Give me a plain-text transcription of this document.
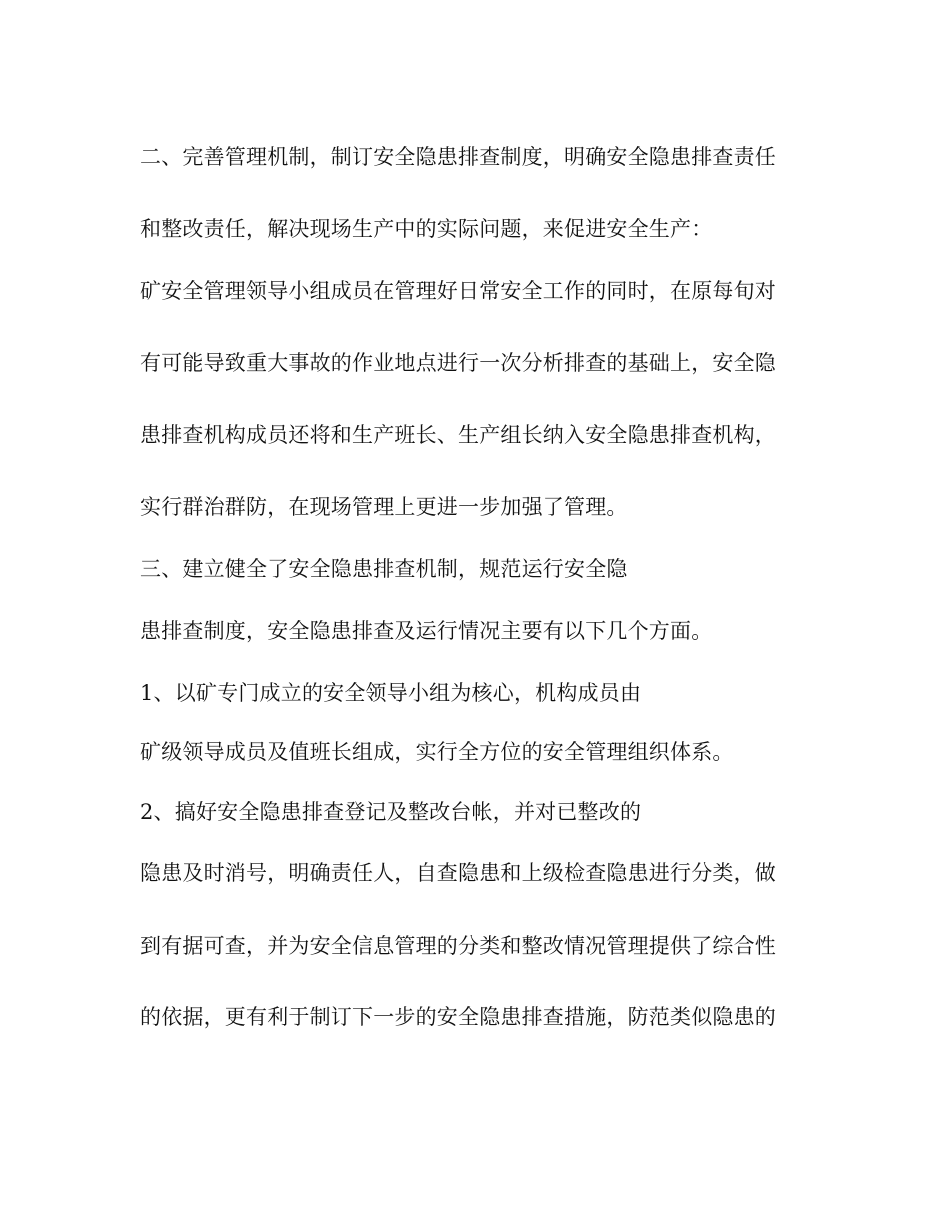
二、完善管理机制，制订安全隐患排查制度，明确安全隐患排查责任
和整改责任，解决现场生产中的实际问题，来促进安全生产：
矿安全管理领导小组成员在管理好日常安全工作的同时，在原每旬对
有可能导致重大事故的作业地点进行一次分析排查的基础上，安全隐
患排查机构成员还将和生产班长、生产组长纳入安全隐患排查机构，
实行群治群防，在现场管理上更进一步加强了管理。
三、建立健全了安全隐患排查机制，规范运行安全隐
患排查制度，安全隐患排查及运行情况主要有以下几个方面。
1、以矿专门成立的安全领导小组为核心，机构成员由
矿级领导成员及值班长组成，实行全方位的安全管理组织体系。
2、搞好安全隐患排查登记及整改台帐，并对已整改的
隐患及时消号，明确责任人，自查隐患和上级检查隐患进行分类，做
到有据可查，并为安全信息管理的分类和整改情况管理提供了综合性
的依据，更有利于制订下一步的安全隐患排查措施，防范类似隐患的
